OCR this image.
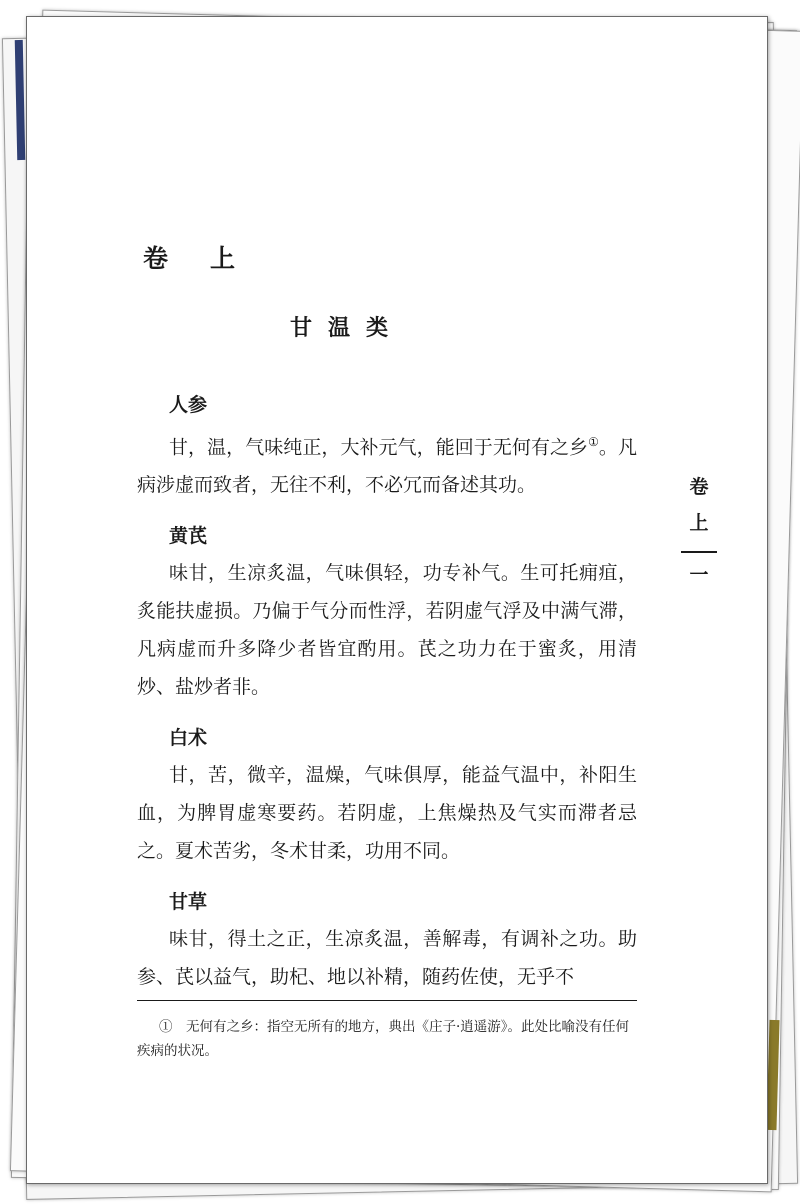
卷上
甘温类

人参

甘，温，气味纯正，大补元气，能回于无何有之乡①。凡病涉虚而致者，无往不利，不必冗而备述其功。

黄芪

味甘，生凉炙温，气味俱轻，功专补气。生可托痈疽，炙能扶虚损。乃偏于气分而性浮，若阴虚气浮及中满气滞，凡病虚而升多降少者皆宜酌用。芪之功力在于蜜炙，用清炒、盐炒者非。

白术

甘，苦，微辛，温燥，气味俱厚，能益气温中，补阳生血，为脾胃虚寒要药。若阴虚，上焦燥热及气实而滞者忌之。夏术苦劣，冬术甘柔，功用不同。

甘草

味甘，得土之正，生凉炙温，善解毒，有调补之功。助参、芪以益气，助杞、地以补精，随药佐使，无乎不

卷
上
一

①　无何有之乡：指空无所有的地方，典出《庄子·逍遥游》。此处比喻没有任何疾病的状况。
